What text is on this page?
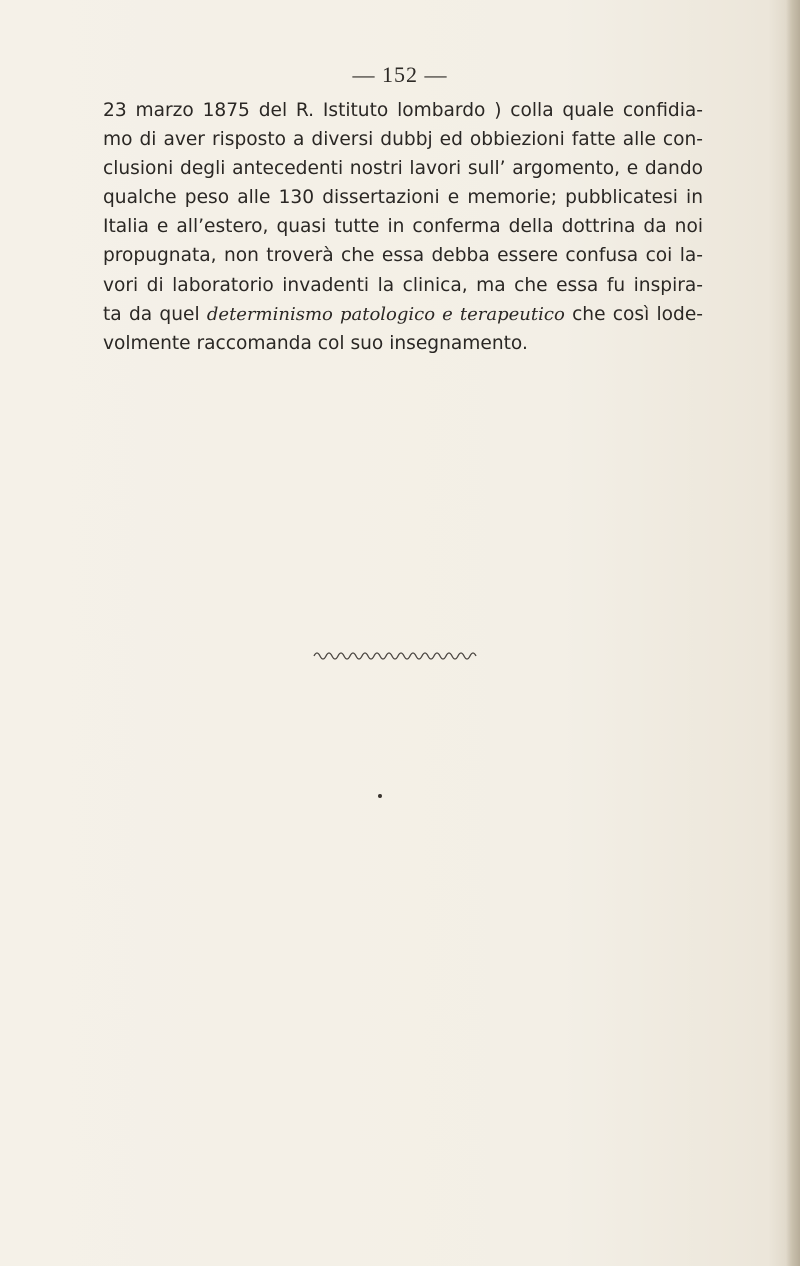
— 152 —
23 marzo 1875 del R. Istituto lombardo ) colla quale confidia-
mo di aver risposto a diversi dubbj ed obbiezioni fatte alle con-
clusioni degli antecedenti nostri lavori sull’ argomento, e dando
qualche peso alle 130 dissertazioni e memorie; pubblicatesi in
Italia e all’estero, quasi tutte in conferma della dottrina da noi
propugnata, non troverà che essa debba essere confusa coi la-
vori di laboratorio invadenti la clinica, ma che essa fu inspira-
ta da quel determinismo patologico e terapeutico che così lode-
volmente raccomanda col suo insegnamento.
